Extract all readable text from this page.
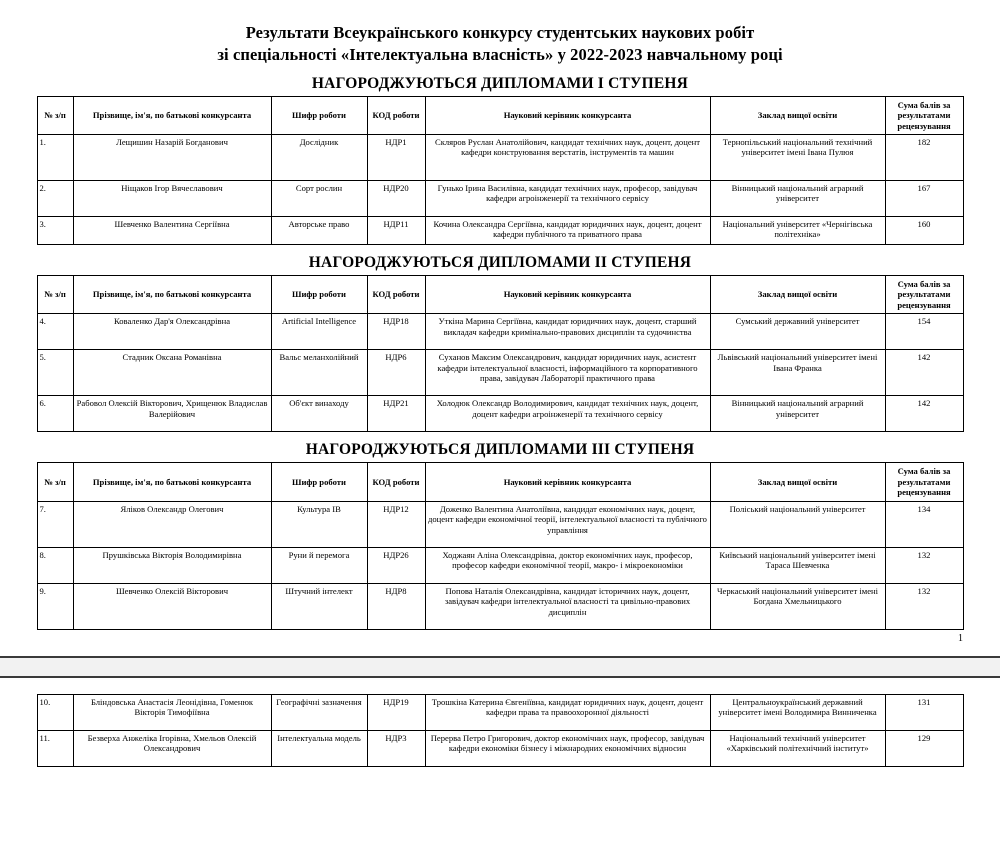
Результати Всеукраїнського конкурсу студентських наукових робіт
зі спеціальності «Інтелектуальна власність» у 2022-2023 навчальному році
НАГОРОДЖУЮТЬСЯ ДИПЛОМАМИ І СТУПЕНЯ
№ з/п	Прізвище, ім'я, по батькові конкурсанта	Шифр роботи	КОД роботи	Науковий керівник конкурсанта	Заклад вищої освіти	Сума балів за результатами рецензування
1.	Лещишин Назарій Богданович	Дослідник	НДР1	Скляров Руслан Анатолійович, кандидат технічних наук, доцент, доцент кафедри конструювання верстатів, інструментів та машин	Тернопільський національний технічний університет імені Івана Пулюя	182
2.	Ніщаков Ігор Вячеславович	Сорт рослин	НДР20	Гунько Ірина Василівна, кандидат технічних наук, професор, завідувач кафедри агроінженерії та технічного сервісу	Вінницький національний аграрний університет	167
3.	Шевченко Валентина Сергіївна	Авторське право	НДР11	Кочина Олександра Сергіївна, кандидат юридичних наук, доцент, доцент кафедри публічного та приватного права	Національний університет «Чернігівська політехніка»	160
НАГОРОДЖУЮТЬСЯ ДИПЛОМАМИ ІІ СТУПЕНЯ
№ з/п	Прізвище, ім'я, по батькові конкурсанта	Шифр роботи	КОД роботи	Науковий керівник конкурсанта	Заклад вищої освіти	Сума балів за результатами рецензування
4.	Коваленко Дар'я Олександрівна	Artificial Intelligence	НДР18	Уткіна Марина Сергіївна, кандидат юридичних наук, доцент, старший викладач кафедри кримінально-правових дисциплін та судочинства	Сумський державний університет	154
5.	Стадник Оксана Романівна	Вальс меланхолійний	НДР6	Суханов Максим Олександрович, кандидат юридичних наук, асистент кафедри інтелектуальної власності, інформаційного та корпоративного права, завідувач Лабораторії практичного права	Львівський національний університет імені Івана Франка	142
6.	Рабовол Олексій Вікторович, Хрищенюк Владислав Валерійович	Об'єкт винаходу	НДР21	Холодюк Олександр Володимирович, кандидат технічних наук, доцент, доцент кафедри агроінженерії та технічного сервісу	Вінницький національний аграрний університет	142
НАГОРОДЖУЮТЬСЯ ДИПЛОМАМИ ІІІ СТУПЕНЯ
№ з/п	Прізвище, ім'я, по батькові конкурсанта	Шифр роботи	КОД роботи	Науковий керівник конкурсанта	Заклад вищої освіти	Сума балів за результатами рецензування
7.	Яліков Олександр Олегович	Культура ІВ	НДР12	Дoженко Валентина Анатоліївна, кандидат економічних наук, доцент, доцент кафедри економічної теорії, інтелектуальної власності та публічного управління	Поліський національний університет	134
8.	Прушківська Вікторія Володимирівна	Руни й перемога	НДР26	Ходжаян Аліна Олександрівна, доктор економічних наук, професор, професор кафедри економічної теорії, макро- і мікроекономіки	Київський національний університет імені Тараса Шевченка	132
9.	Шевченко Олексій Вікторович	Штучний інтелект	НДР8	Попова Наталія Олександрівна, кандидат історичних наук, доцент, завідувач кафедри інтелектуальної власності та цивільно-правових дисциплін	Черкаський національний університет імені Богдана Хмельницького	132
1
10.	Бліндовська Анастасія Леонідівна, Гоменюк Вікторія Тимофіївна	Географічні зазначення	НДР19	Трошкіна Катерина Євгеніївна, кандидат юридичних наук, доцент, доцент кафедри права та правоохоронної діяльності	Центральноукраїнський державний університет імені Володимира Винниченка	131
11.	Безверха Анжеліка Ігорівна, Хмельов Олексій Олександрович	Інтелектуальна модель	НДР3	Перерва Петро Григорович, доктор економічних наук, професор, завідувач кафедри економіки бізнесу і міжнародних економічних відносин	Національний технічний університет «Харківський політехнічний інститут»	129
